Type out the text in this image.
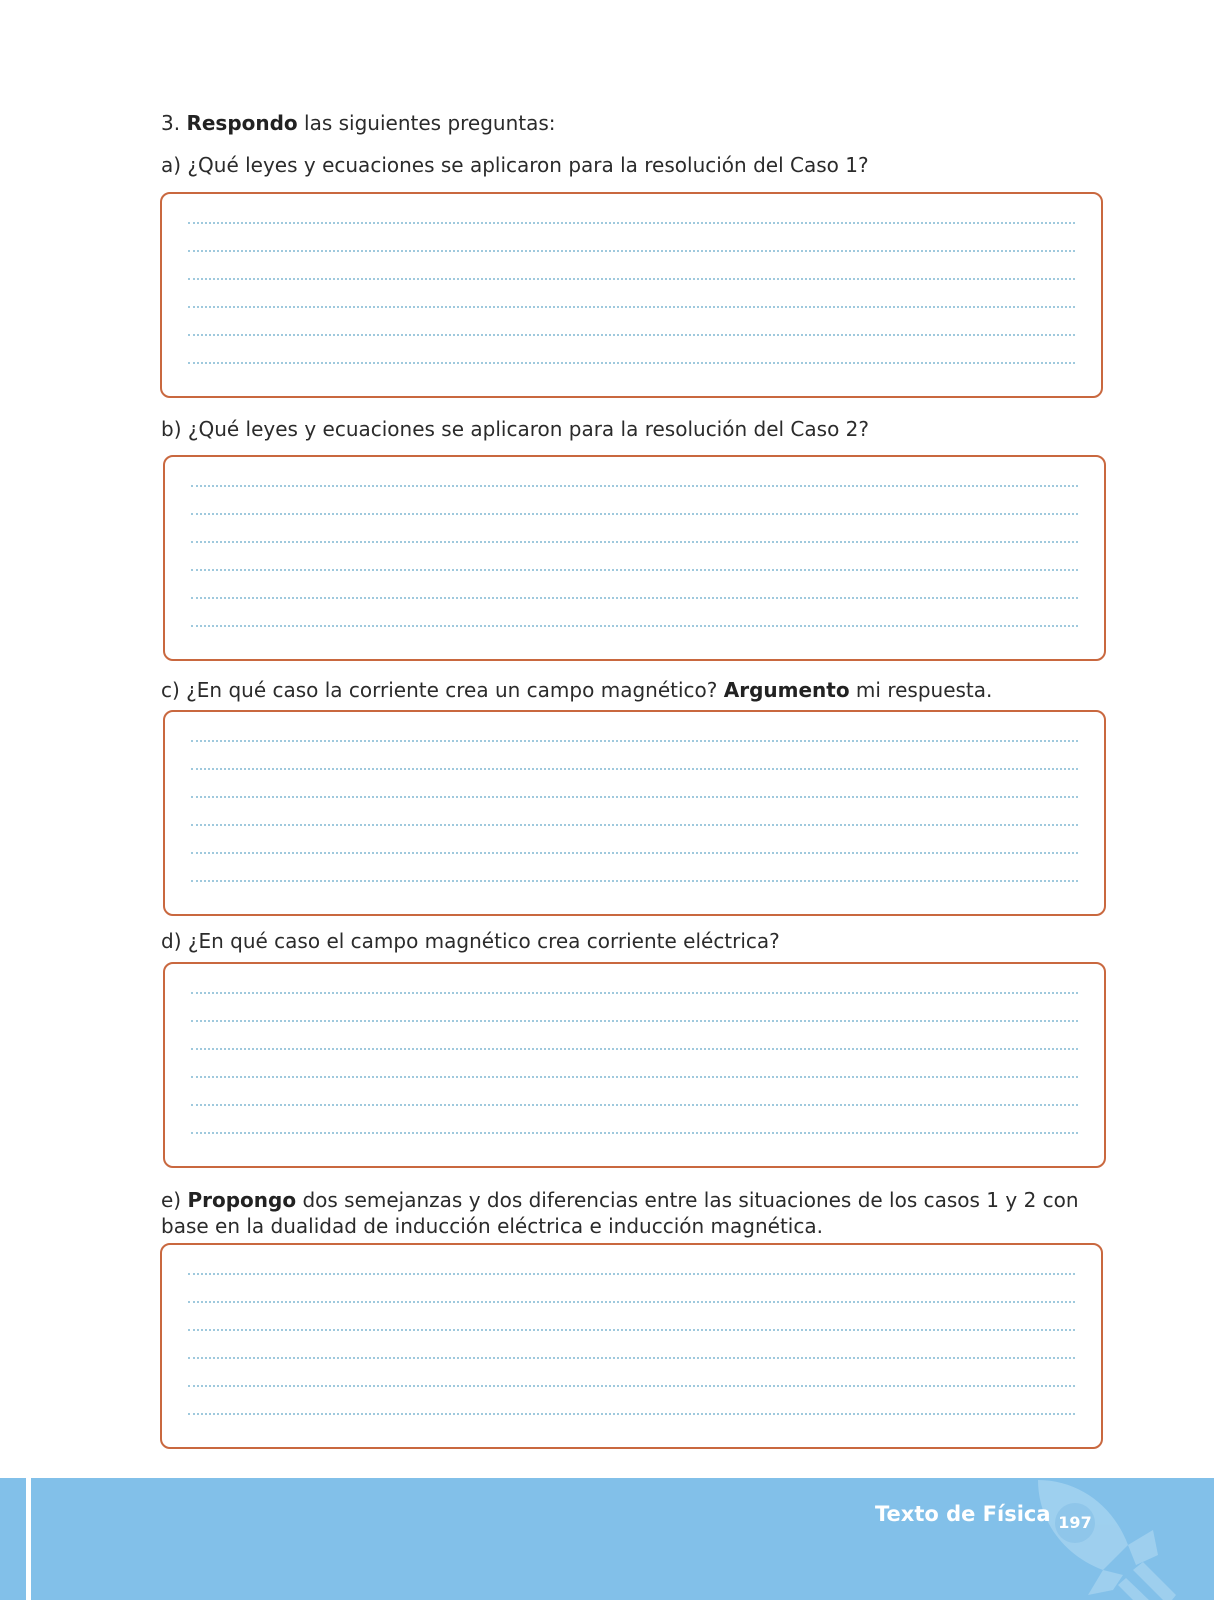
3. Respondo las siguientes preguntas:

a) ¿Qué leyes y ecuaciones se aplicaron para la resolución del Caso 1?

b) ¿Qué leyes y ecuaciones se aplicaron para la resolución del Caso 2?

c) ¿En qué caso la corriente crea un campo magnético? Argumento mi respuesta.

d) ¿En qué caso el campo magnético crea corriente eléctrica?

e) Propongo dos semejanzas y dos diferencias entre las situaciones de los casos 1 y 2 con base en la dualidad de inducción eléctrica e inducción magnética.

Texto de Física 197
